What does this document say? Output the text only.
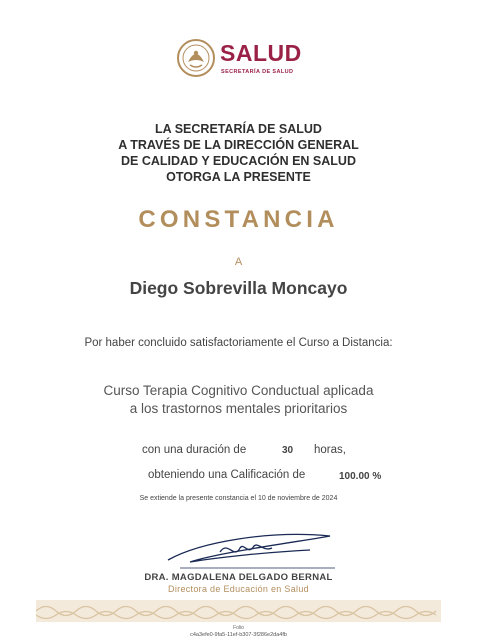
SALUD
SECRETARÍA DE SALUD
LA SECRETARÍA DE SALUD
A TRAVÉS DE LA DIRECCIÓN GENERAL
DE CALIDAD Y EDUCACIÓN EN SALUD
OTORGA LA PRESENTE
CONSTANCIA
A
Diego Sobrevilla Moncayo
Por haber concluido satisfactoriamente el Curso a Distancia:
Curso Terapia Cognitivo Conductual aplicada
a los trastornos mentales prioritarios
con una duración de	30 horas,
obteniendo una Calificación de	100.00 %
Se extiende la presente constancia el 10 de noviembre de 2024
DRA. MAGDALENA DELGADO BERNAL
Directora de Educación en Salud
Folio
c4a3efe0-9fa5-11ef-b307-3f286e2da4fb
